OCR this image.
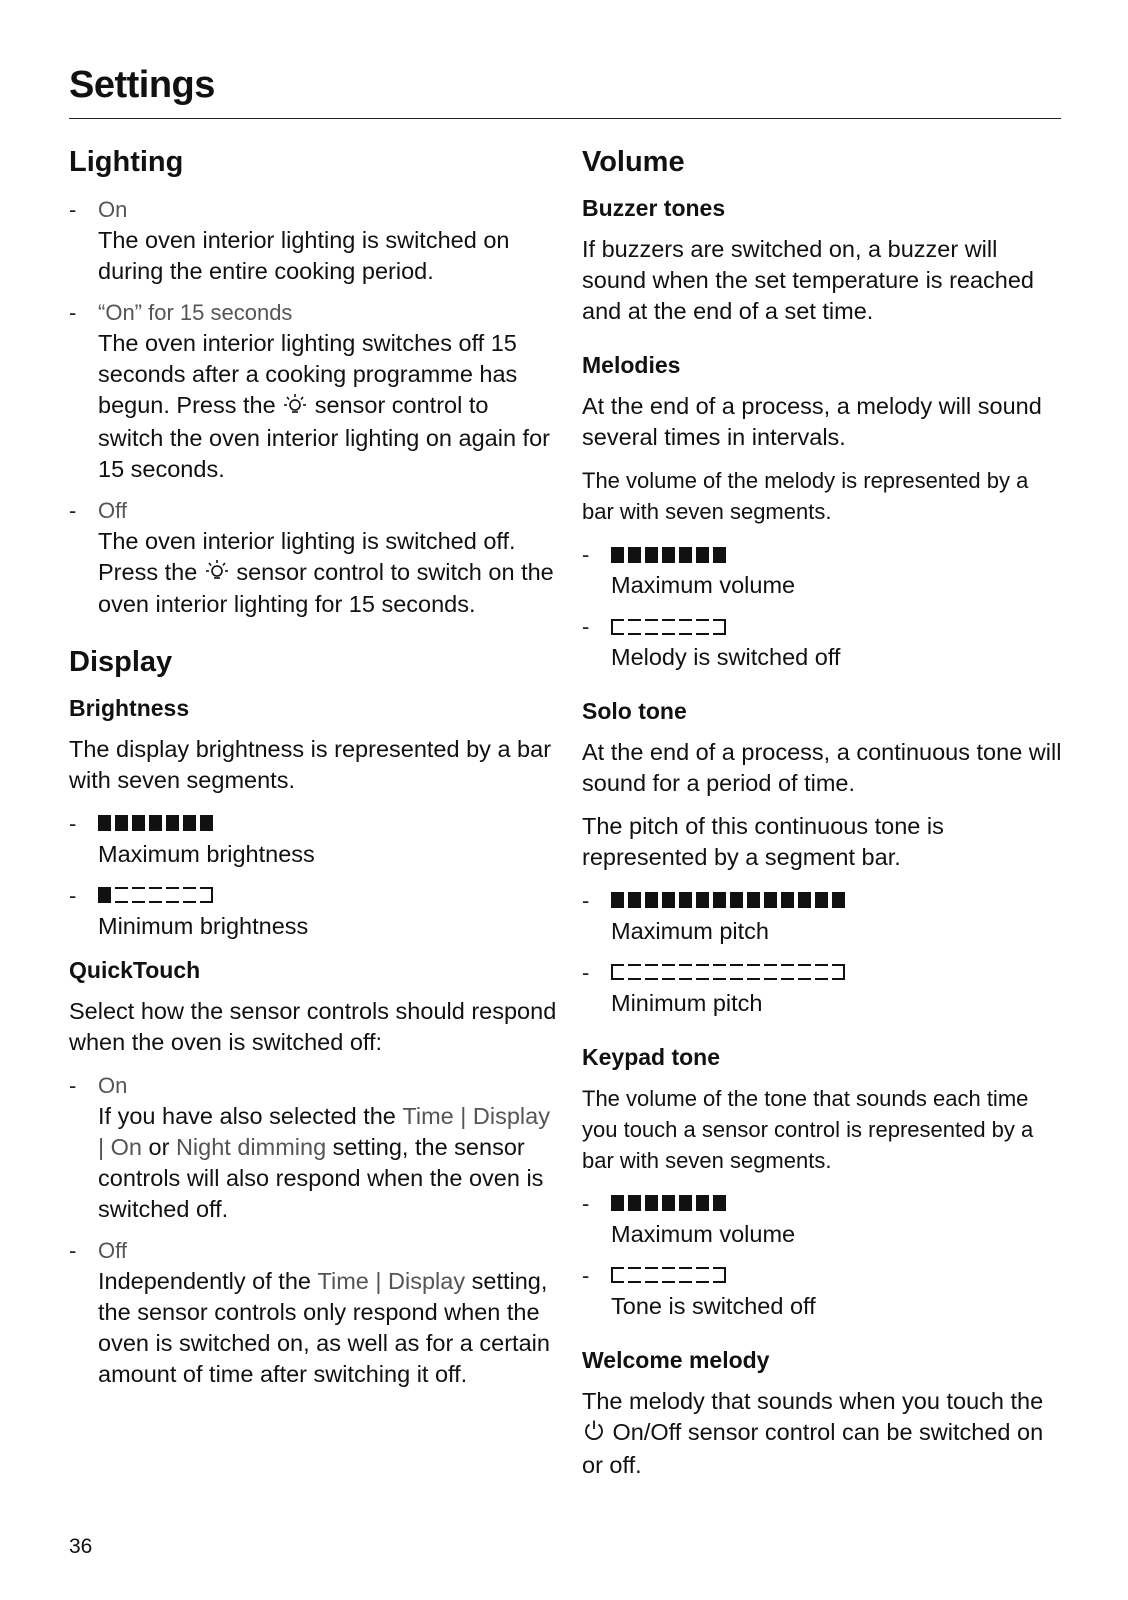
Settings
Lighting
- On
The oven interior lighting is switched on during the entire cooking period.
- “On” for 15 seconds
The oven interior lighting switches off 15 seconds after a cooking programme has begun. Press the  sensor control to switch the oven interior lighting on again for 15 seconds.
- Off
The oven interior lighting is switched off. Press the  sensor control to switch on the oven interior lighting for 15 seconds.
Display
Brightness

The display brightness is represented by a bar with seven segments.

-
Maximum brightness
-
Minimum brightness
QuickTouch

Select how the sensor controls should respond when the oven is switched off:

- On
If you have also selected the Time | Display | On or Night dimming setting, the sensor controls will also respond when the oven is switched off.
- Off
Independently of the Time | Display setting, the sensor controls only respond when the oven is switched on, as well as for a certain amount of time after switching it off.
Volume
Buzzer tones

If buzzers are switched on, a buzzer will sound when the set temperature is reached and at the end of a set time.

Melodies

At the end of a process, a melody will sound several times in intervals.

The volume of the melody is represented by a bar with seven segments.

-
Maximum volume
-
Melody is switched off
Solo tone

At the end of a process, a continuous tone will sound for a period of time.

The pitch of this continuous tone is represented by a segment bar.

-
Maximum pitch
-
Minimum pitch
Keypad tone

The volume of the tone that sounds each time you touch a sensor control is represented by a bar with seven segments.

-
Maximum volume
-
Tone is switched off
Welcome melody

The melody that sounds when you touch the  On/Off sensor control can be switched on or off.

36
